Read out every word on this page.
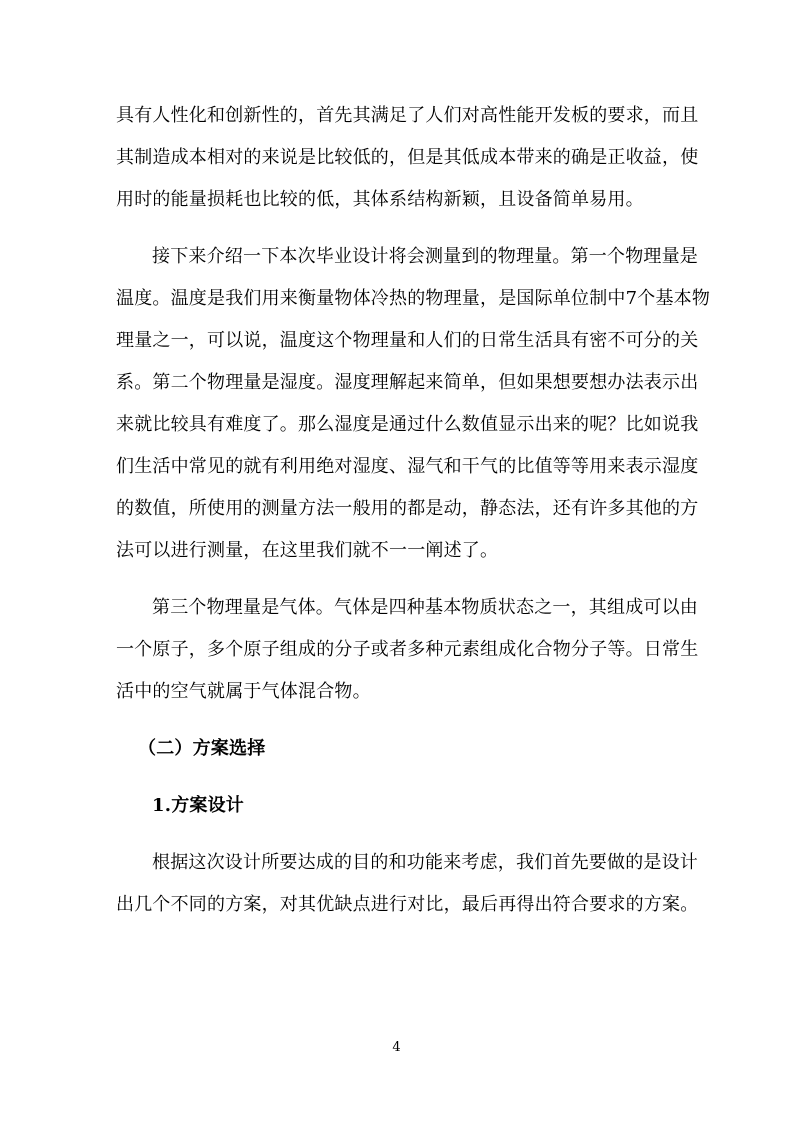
具有人性化和创新性的，首先其满足了人们对高性能开发板的要求，而且
其制造成本相对的来说是比较低的，但是其低成本带来的确是正收益，使
用时的能量损耗也比较的低，其体系结构新颖，且设备简单易用。
接下来介绍一下本次毕业设计将会测量到的物理量。第一个物理量是
温度。温度是我们用来衡量物体冷热的物理量，是国际单位制中7个基本物
理量之一，可以说，温度这个物理量和人们的日常生活具有密不可分的关
系。第二个物理量是湿度。湿度理解起来简单，但如果想要想办法表示出
来就比较具有难度了。那么湿度是通过什么数值显示出来的呢？比如说我
们生活中常见的就有利用绝对湿度、湿气和干气的比值等等用来表示湿度
的数值，所使用的测量方法一般用的都是动，静态法，还有许多其他的方
法可以进行测量，在这里我们就不一一阐述了。
第三个物理量是气体。气体是四种基本物质状态之一，其组成可以由
一个原子，多个原子组成的分子或者多种元素组成化合物分子等。日常生
活中的空气就属于气体混合物。
（二）方案选择
1.方案设计
根据这次设计所要达成的目的和功能来考虑，我们首先要做的是设计
出几个不同的方案，对其优缺点进行对比，最后再得出符合要求的方案。
4
